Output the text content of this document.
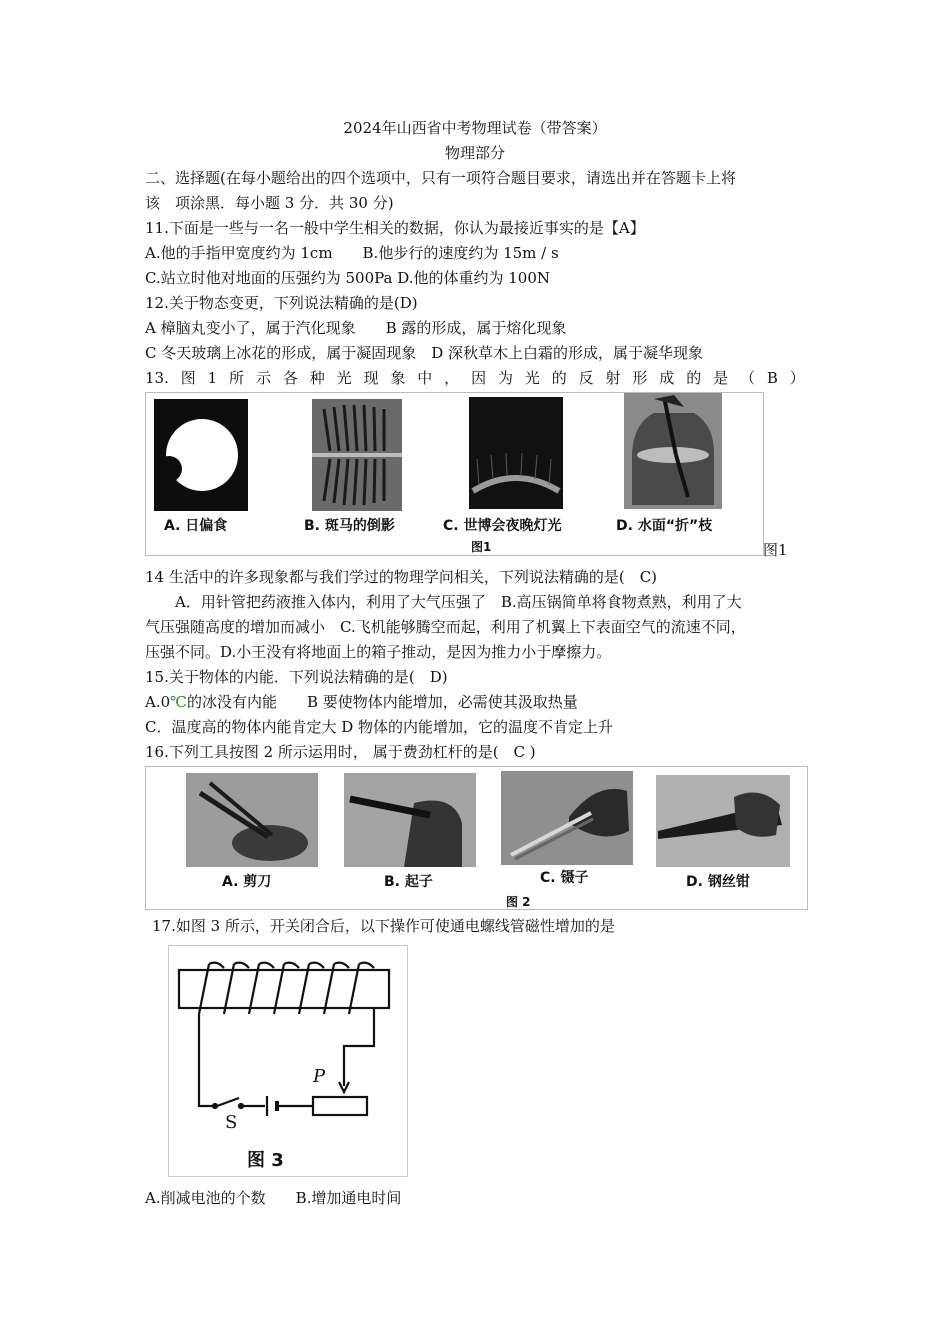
2024年山西省中考物理试卷（带答案）
物理部分
二、选择题(在每小题给出的四个选项中，只有一项符合题目要求，请选出并在答题卡上将
该　项涂黑．每小题 3 分．共 30 分)
11.下面是一些与一名一般中学生相关的数据，你认为最接近事实的是【A】
A.他的手指甲宽度约为 1cm　　B.他步行的速度约为 15m / s
C.站立时他对地面的压强约为 500Pa D.他的体重约为 100N
12.关于物态变更，下列说法精确的是(D)
A 樟脑丸变小了，属于汽化现象　　B 露的形成，属于熔化现象
C 冬天玻璃上冰花的形成，属于凝固现象　D 深秋草木上白霜的形成，属于凝华现象
13. 图 1 所 示 各 种 光 现 象 中 ， 因 为 光 的 反 射 形 成 的 是 （ B ）
A. 日偏食	B. 斑马的倒影	C. 世博会夜晚灯光	D. 水面“折”枝
图1	图1
14 生活中的许多现象都与我们学过的物理学问相关，下列说法精确的是(　C)
　　A．用针管把药液推入体内，利用了大气压强了　B.高压锅简单将食物煮熟，利用了大
气压强随高度的增加而减小　C.飞机能够腾空而起，利用了机翼上下表面空气的流速不同，
压强不同。D.小王没有将地面上的箱子推动，是因为推力小于摩擦力。
15.关于物体的内能．下列说法精确的是(　D)
A.0℃的冰没有内能　　B 要使物体内能增加，必需使其汲取热量
C．温度高的物体内能肯定大 D 物体的内能增加，它的温度不肯定上升
16.下列工具按图 2 所示运用时， 属于费劲杠杆的是(　C )
A. 剪刀	B. 起子	C. 镊子	D. 钢丝钳
图 2
17.如图 3 所示，开关闭合后，以下操作可使通电螺线管磁性增加的是
P
S
图 3
A.削减电池的个数　　B.增加通电时间
